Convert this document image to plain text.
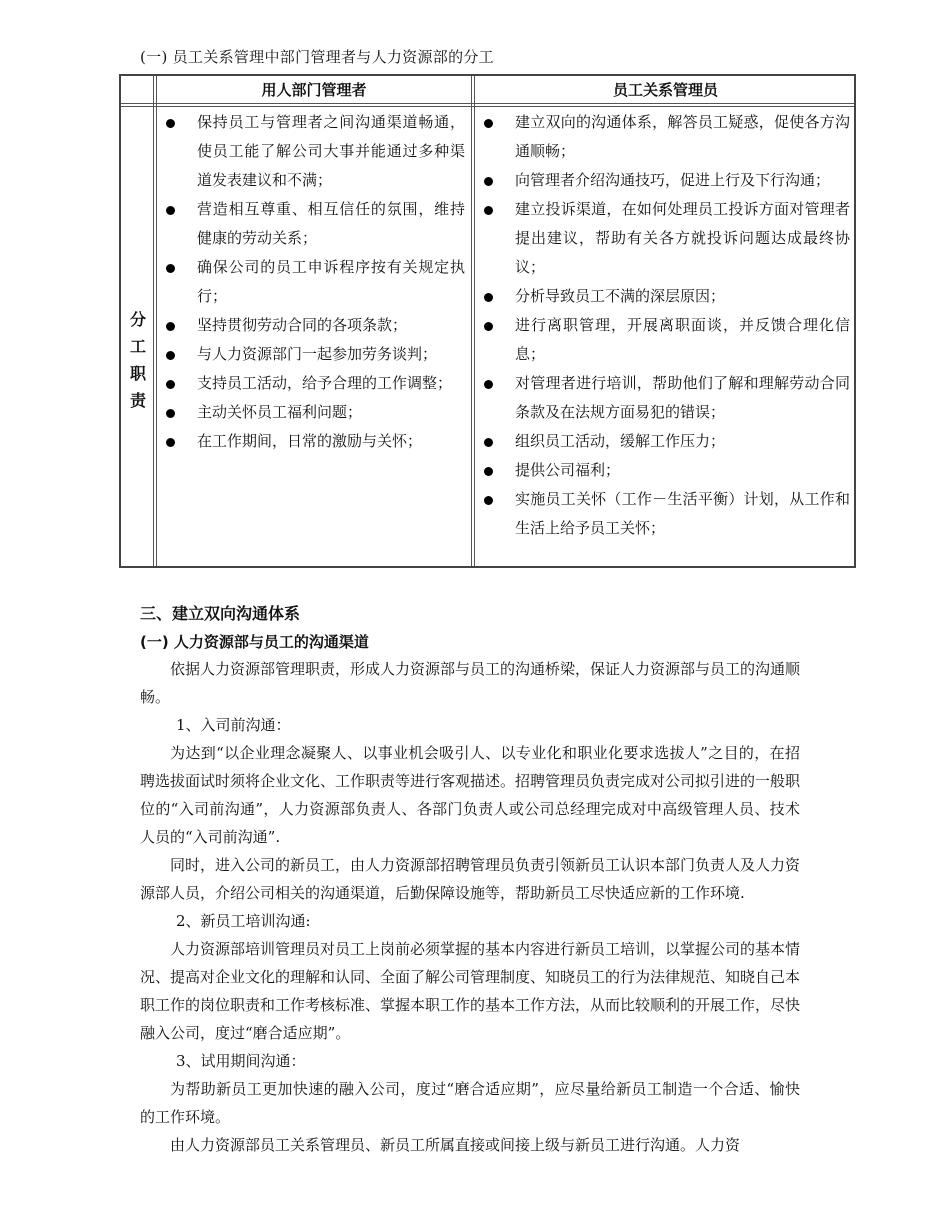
(一) 员工关系管理中部门管理者与人力资源部的分工
用人部门管理者	员工关系管理员
分
工
职
责
保持员工与管理者之间沟通渠道畅通，使员工能了解公司大事并能通过多种渠道发表建议和不满；
营造相互尊重、相互信任的氛围，维持健康的劳动关系；
确保公司的员工申诉程序按有关规定执行；
坚持贯彻劳动合同的各项条款；
与人力资源部门一起参加劳务谈判；
支持员工活动，给予合理的工作调整；
主动关怀员工福利问题；
在工作期间，日常的激励与关怀；
建立双向的沟通体系，解答员工疑惑，促使各方沟通顺畅；
向管理者介绍沟通技巧，促进上行及下行沟通；
建立投诉渠道，在如何处理员工投诉方面对管理者提出建议，帮助有关各方就投诉问题达成最终协议；
分析导致员工不满的深层原因；
进行离职管理，开展离职面谈，并反馈合理化信息；
对管理者进行培训，帮助他们了解和理解劳动合同条款及在法规方面易犯的错误；
组织员工活动，缓解工作压力；
提供公司福利；
实施员工关怀（工作－生活平衡）计划，从工作和生活上给予员工关怀；
三、建立双向沟通体系
(一) 人力资源部与员工的沟通渠道

依据人力资源部管理职责，形成人力资源部与员工的沟通桥梁，保证人力资源部与员工的沟通顺畅。

1、入司前沟通：

为达到“以企业理念凝聚人、以事业机会吸引人、以专业化和职业化要求选拔人”之目的，在招聘选拔面试时须将企业文化、工作职责等进行客观描述。招聘管理员负责完成对公司拟引进的一般职位的“入司前沟通”，人力资源部负责人、各部门负责人或公司总经理完成对中高级管理人员、技术人员的“入司前沟通”.

同时，进入公司的新员工，由人力资源部招聘管理员负责引领新员工认识本部门负责人及人力资源部人员，介绍公司相关的沟通渠道，后勤保障设施等，帮助新员工尽快适应新的工作环境.

2、新员工培训沟通:

人力资源部培训管理员对员工上岗前必须掌握的基本内容进行新员工培训，以掌握公司的基本情况、提高对企业文化的理解和认同、全面了解公司管理制度、知晓员工的行为法律规范、知晓自己本职工作的岗位职责和工作考核标准、掌握本职工作的基本工作方法，从而比较顺利的开展工作，尽快融入公司，度过“磨合适应期”。

3、试用期间沟通：

为帮助新员工更加快速的融入公司，度过“磨合适应期”，应尽量给新员工制造一个合适、愉快的工作环境。

由人力资源部员工关系管理员、新员工所属直接或间接上级与新员工进行沟通。人力资
